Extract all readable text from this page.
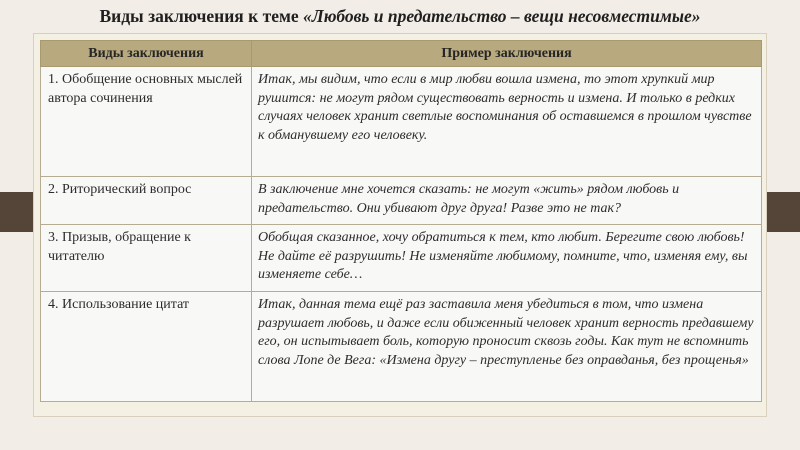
Виды заключения к теме «Любовь и предательство – вещи несовместимые»
Виды заключения	Пример заключения
1. Обобщение основных мыслей автора сочинения	Итак, мы видим, что если в мир любви вошла измена, то этот хрупкий мир рушится: не могут рядом существовать верность и измена. И только в редких случаях человек хранит светлые воспоминания об оставшемся в прошлом чувстве к обманувшему его человеку.
2. Риторический вопрос	В заключение мне хочется сказать: не могут «жить» рядом любовь и предательство. Они убивают друг друга! Разве это не так?
3. Призыв, обращение к читателю	Обобщая сказанное, хочу обратиться к тем, кто любит. Берегите свою любовь! Не дайте её разрушить! Не изменяйте любимому, помните, что, изменяя ему, вы изменяете себе…
4. Использование цитат	Итак, данная тема ещё раз заставила меня убедиться в том, что измена разрушает любовь, и даже если обиженный человек хранит верность предавшему его, он испытывает боль, которую проносит сквозь годы. Как тут не вспомнить слова Лопе де Вега: «Измена другу – преступленье без оправданья, без прощенья»
